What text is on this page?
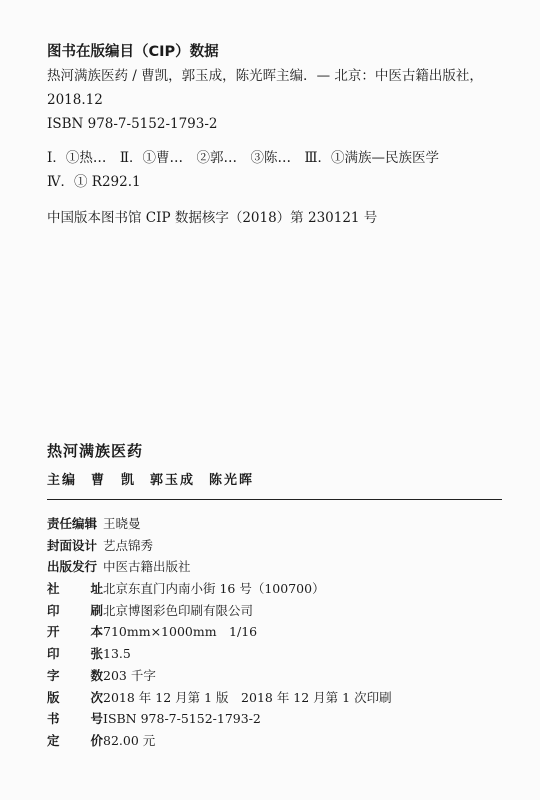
图书在版编目（CIP）数据

热河满族医药 / 曹凯，郭玉成，陈光晖主编．— 北京：中医古籍出版社，

2018.12

ISBN 978-7-5152-1793-2

Ⅰ．①热…　Ⅱ．①曹…　②郭…　③陈…　Ⅲ．①满族—民族医学

Ⅳ．① R292.1

中国版本图书馆 CIP 数据核字（2018）第 230121 号

热河满族医药

主编 曹　凯 郭玉成 陈光晖

责任编辑 王晓曼
封面设计 艺点锦秀
出版发行 中医古籍出版社
社 址 北京东直门内南小街 16 号（100700）
印 刷 北京博图彩色印刷有限公司
开 本 710mm×1000mm　1/16
印 张 13.5
字 数 203 千字
版 次 2018 年 12 月第 1 版　2018 年 12 月第 1 次印刷
书 号 ISBN 978-7-5152-1793-2
定 价 82.00 元
